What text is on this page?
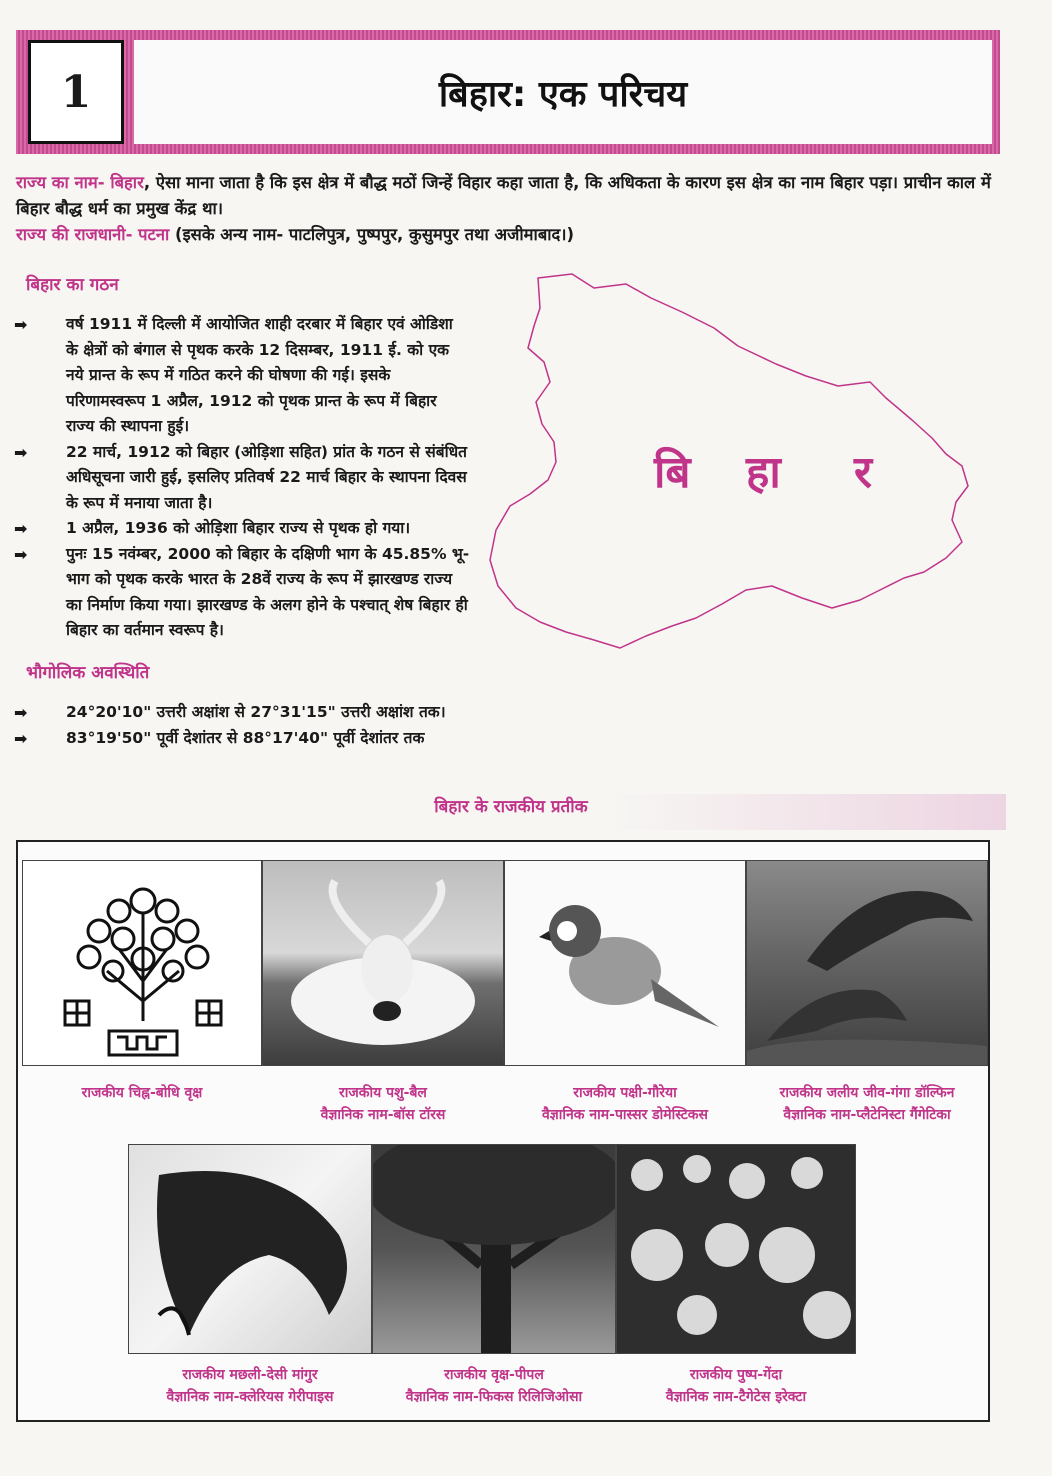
1	बिहार: एक परिचय
राज्य का नाम- बिहार, ऐसा माना जाता है कि इस क्षेत्र में बौद्ध मठों जिन्हें विहार कहा जाता है, कि अधिकता के कारण इस क्षेत्र का नाम बिहार पड़ा। प्राचीन काल में बिहार बौद्ध धर्म का प्रमुख केंद्र था।
राज्य की राजधानी- पटना (इसके अन्य नाम- पाटलिपुत्र, पुष्पपुर, कुसुमपुर तथा अजीमाबाद।)
बिहार का गठन
➡ वर्ष 1911 में दिल्ली में आयोजित शाही दरबार में बिहार एवं ओडिशा के क्षेत्रों को बंगाल से पृथक करके 12 दिसम्बर, 1911 ई. को एक नये प्रान्त के रूप में गठित करने की घोषणा की गई। इसके परिणामस्वरूप 1 अप्रैल, 1912 को पृथक प्रान्त के रूप में बिहार राज्य की स्थापना हुई।
➡ 22 मार्च, 1912 को बिहार (ओड़िशा सहित) प्रांत के गठन से संबंधित अधिसूचना जारी हुई, इसलिए प्रतिवर्ष 22 मार्च बिहार के स्थापना दिवस के रूप में मनाया जाता है।
➡ 1 अप्रैल, 1936 को ओड़िशा बिहार राज्य से पृथक हो गया।
➡ पुनः 15 नवंम्बर, 2000 को बिहार के दक्षिणी भाग के 45.85% भू-भाग को पृथक करके भारत के 28वें राज्य के रूप में झारखण्ड राज्य का निर्माण किया गया। झारखण्ड के अलग होने के पश्चात् शेष बिहार ही बिहार का वर्तमान स्वरूप है।
बि हा र
भौगोलिक अवस्थिति
➡ 24°20'10" उत्तरी अक्षांश से 27°31'15" उत्तरी अक्षांश तक।
➡ 83°19'50" पूर्वी देशांतर से 88°17'40" पूर्वी देशांतर तक
बिहार के राजकीय प्रतीक
राजकीय चिह्न-बोधि वृक्ष	राजकीय पशु-बैल
वैज्ञानिक नाम-बॉस टॉरस
राजकीय पक्षी-गौरेया
वैज्ञानिक नाम-पास्सर डोमेस्टिकस
राजकीय जलीय जीव-गंगा डॉल्फिन
वैज्ञानिक नाम-प्लैटेनिस्टा गैंगेटिका
राजकीय मछली-देसी मांगुर
वैज्ञानिक नाम-क्लेरियस गेरीपाइस
राजकीय वृक्ष-पीपल
वैज्ञानिक नाम-फिकस रिलिजिओसा
राजकीय पुष्प-गेंदा
वैज्ञानिक नाम-टैगेटेस इरेक्टा
